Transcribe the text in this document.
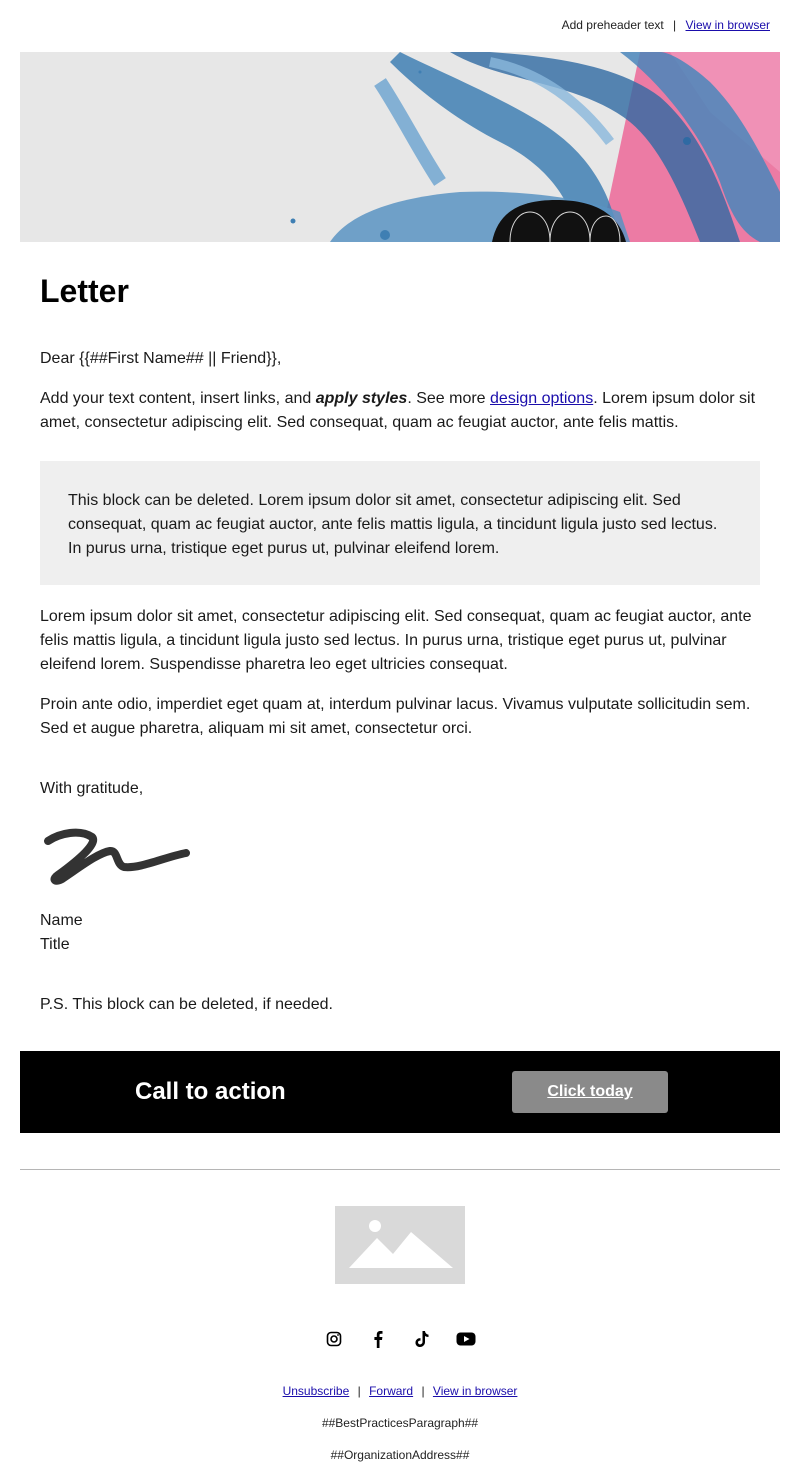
Add preheader text | View in browser
Letter

Dear {{##First Name## || Friend}},

Add your text content, insert links, and apply styles. See more design options. Lorem ipsum dolor sit amet, consectetur adipiscing elit. Sed consequat, quam ac feugiat auctor, ante felis mattis.

This block can be deleted. Lorem ipsum dolor sit amet, consectetur adipiscing elit. Sed consequat, quam ac feugiat auctor, ante felis mattis ligula, a tincidunt ligula justo sed lectus. In purus urna, tristique eget purus ut, pulvinar eleifend lorem.

Lorem ipsum dolor sit amet, consectetur adipiscing elit. Sed consequat, quam ac feugiat auctor, ante felis mattis ligula, a tincidunt ligula justo sed lectus. In purus urna, tristique eget purus ut, pulvinar eleifend lorem. Suspendisse pharetra leo eget ultricies consequat.

Proin ante odio, imperdiet eget quam at, interdum pulvinar lacus. Vivamus vulputate sollicitudin sem. Sed et augue pharetra, aliquam mi sit amet, consectetur orci.

With gratitude,

Name

Title

P.S. This block can be deleted, if needed.

Call to action	Click today
Unsubscribe | Forward | View in browser
##BestPracticesParagraph##
##OrganizationAddress##
